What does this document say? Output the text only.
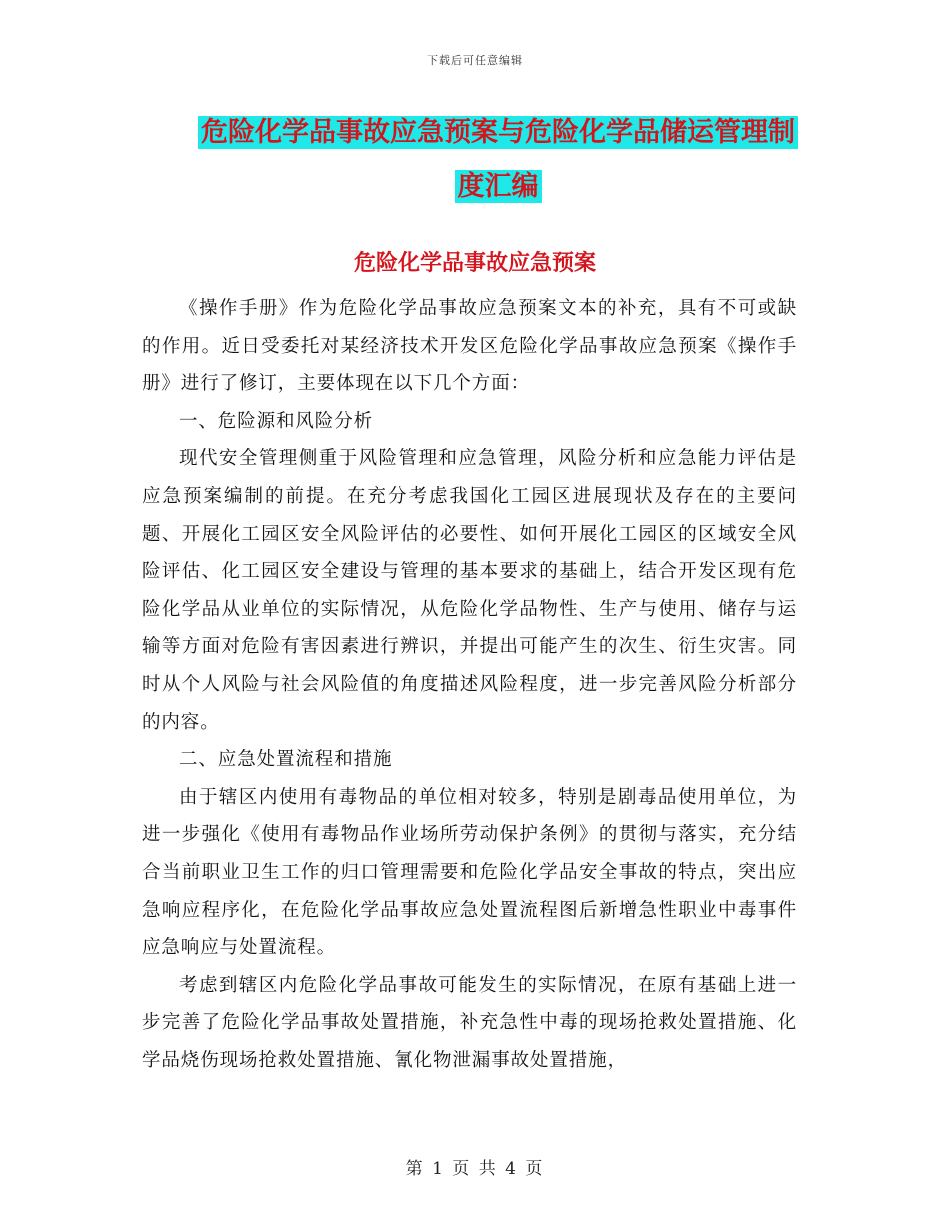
下载后可任意编辑
危险化学品事故应急预案与危险化学品储运管理制度汇编
危险化学品事故应急预案

《操作手册》作为危险化学品事故应急预案文本的补充，具有不可或缺的作用。近日受委托对某经济技术开发区危险化学品事故应急预案《操作手册》进行了修订，主要体现在以下几个方面：

一、危险源和风险分析

现代安全管理侧重于风险管理和应急管理，风险分析和应急能力评估是应急预案编制的前提。在充分考虑我国化工园区进展现状及存在的主要问题、开展化工园区安全风险评估的必要性、如何开展化工园区的区域安全风险评估、化工园区安全建设与管理的基本要求的基础上，结合开发区现有危险化学品从业单位的实际情况，从危险化学品物性、生产与使用、储存与运输等方面对危险有害因素进行辨识，并提出可能产生的次生、衍生灾害。同时从个人风险与社会风险值的角度描述风险程度，进一步完善风险分析部分的内容。

二、应急处置流程和措施

由于辖区内使用有毒物品的单位相对较多，特别是剧毒品使用单位，为进一步强化《使用有毒物品作业场所劳动保护条例》的贯彻与落实，充分结合当前职业卫生工作的归口管理需要和危险化学品安全事故的特点，突出应急响应程序化，在危险化学品事故应急处置流程图后新增急性职业中毒事件应急响应与处置流程。

考虑到辖区内危险化学品事故可能发生的实际情况，在原有基础上进一步完善了危险化学品事故处置措施，补充急性中毒的现场抢救处置措施、化学品烧伤现场抢救处置措施、氰化物泄漏事故处置措施，

第 1 页 共 4 页
